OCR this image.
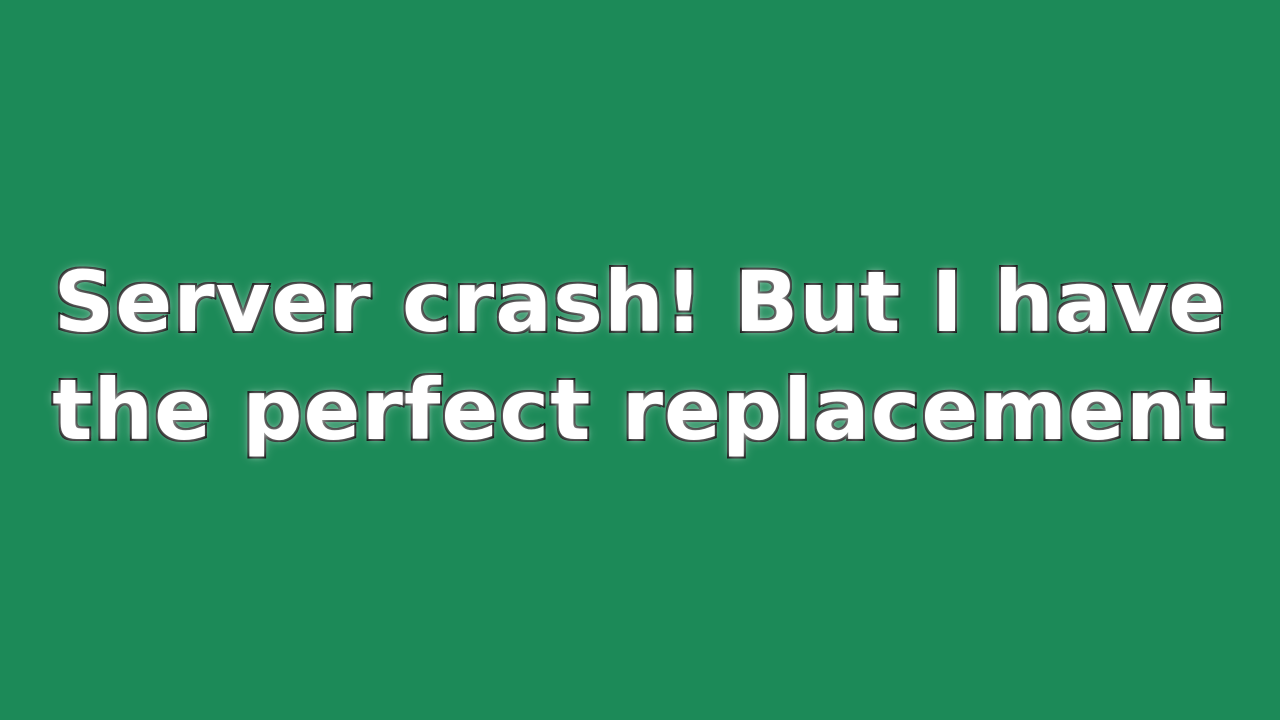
Server crash! But I have
the perfect replacement
